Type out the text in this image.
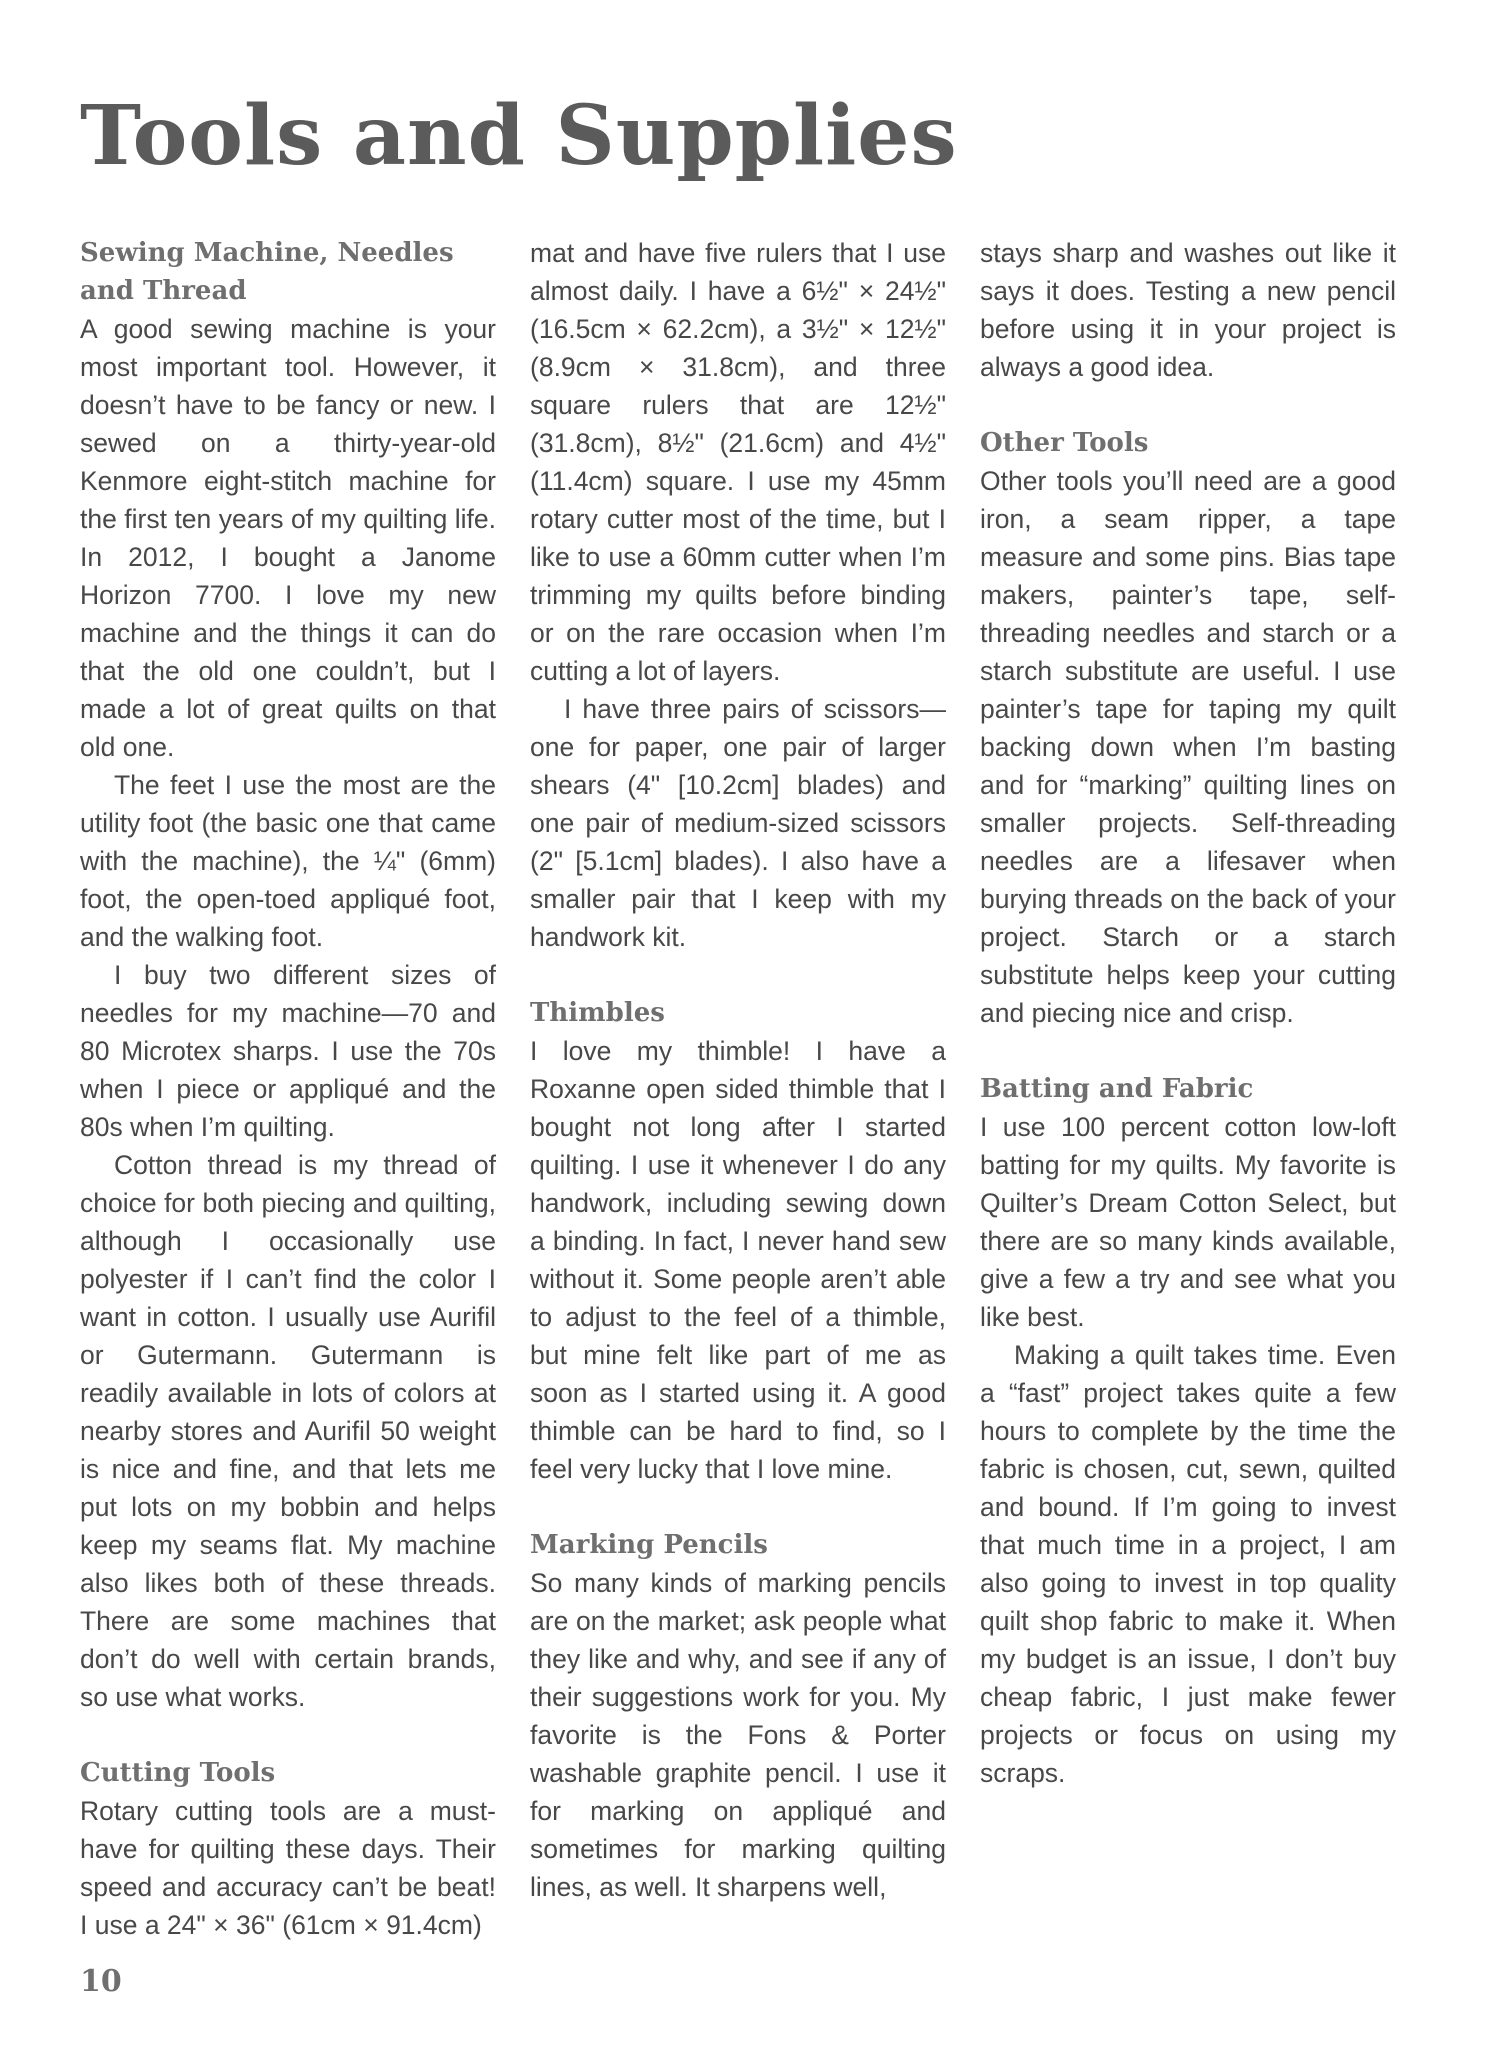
Tools and Supplies
Sewing Machine, Needles and Thread

A good sewing machine is your most important tool. However, it doesn’t have to be fancy or new. I sewed on a thirty-year-old Kenmore eight-stitch machine for the first ten years of my quilting life. In 2012, I bought a Janome Horizon 7700. I love my new machine and the things it can do that the old one couldn’t, but I made a lot of great quilts on that old one.

The feet I use the most are the utility foot (the basic one that came with the machine), the ¼" (6mm) foot, the open-toed appliqué foot, and the walking foot.

I buy two different sizes of needles for my machine—70 and 80 Microtex sharps. I use the 70s when I piece or appliqué and the 80s when I’m quilting.

Cotton thread is my thread of choice for both piecing and quilting, although I occasionally use polyester if I can’t find the color I want in cotton. I usually use Aurifil or Gutermann. Gutermann is readily available in lots of colors at nearby stores and Aurifil 50 weight is nice and fine, and that lets me put lots on my bobbin and helps keep my seams flat. My machine also likes both of these threads. There are some machines that don’t do well with certain brands, so use what works.

Cutting Tools

Rotary cutting tools are a must-have for quilting these days. Their speed and accuracy can’t be beat! I use a 24" × 36" (61cm × 91.4cm)

mat and have five rulers that I use almost daily. I have a 6½" × 24½" (16.5cm × 62.2cm), a 3½" × 12½" (8.9cm × 31.8cm), and three square rulers that are 12½" (31.8cm), 8½" (21.6cm) and 4½" (11.4cm) square. I use my 45mm rotary cutter most of the time, but I like to use a 60mm cutter when I’m trimming my quilts before binding or on the rare occasion when I’m cutting a lot of layers.

I have three pairs of scissors—one for paper, one pair of larger shears (4" [10.2cm] blades) and one pair of medium-sized scissors (2" [5.1cm] blades). I also have a smaller pair that I keep with my handwork kit.

Thimbles

I love my thimble! I have a Roxanne open sided thimble that I bought not long after I started quilting. I use it whenever I do any handwork, including sewing down a binding. In fact, I never hand sew without it. Some people aren’t able to adjust to the feel of a thimble, but mine felt like part of me as soon as I started using it. A good thimble can be hard to find, so I feel very lucky that I love mine.

Marking Pencils

So many kinds of marking pencils are on the market; ask people what they like and why, and see if any of their suggestions work for you. My favorite is the Fons & Porter washable graphite pencil. I use it for marking on appliqué and sometimes for marking quilting lines, as well. It sharpens well,

stays sharp and washes out like it says it does. Testing a new pencil before using it in your project is always a good idea.

Other Tools

Other tools you’ll need are a good iron, a seam ripper, a tape measure and some pins. Bias tape makers, painter’s tape, self-threading needles and starch or a starch substitute are useful. I use painter’s tape for taping my quilt backing down when I’m basting and for “marking” quilting lines on smaller projects. Self-threading needles are a lifesaver when burying threads on the back of your project. Starch or a starch substitute helps keep your cutting and piecing nice and crisp.

Batting and Fabric

I use 100 percent cotton low-loft batting for my quilts. My favorite is Quilter’s Dream Cotton Select, but there are so many kinds available, give a few a try and see what you like best.

Making a quilt takes time. Even a “fast” project takes quite a few hours to complete by the time the fabric is chosen, cut, sewn, quilted and bound. If I’m going to invest that much time in a project, I am also going to invest in top quality quilt shop fabric to make it. When my budget is an issue, I don’t buy cheap fabric, I just make fewer projects or focus on using my scraps.

10
